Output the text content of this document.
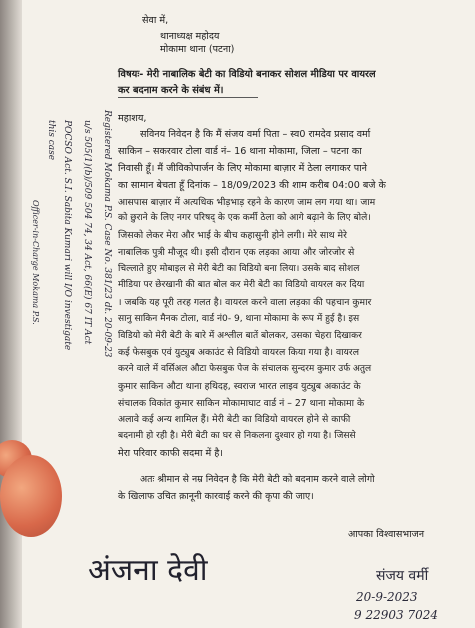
सेवा में,
थानाध्यक्ष महोदय
मोकामा थाना (पटना)
विषयः- मेरी नाबालिक बेटी का विडियो बनाकर सोशल मीडिया पर वायरल
कर बदनाम करने के संबंध में।
महाशय,
सविनय निवेदन है कि मैं संजय वर्मा पिता – स्व0 रामदेव प्रसाद वर्मा
साकिन – सकरवार टोला वार्ड नं– 16 थाना मोकामा, जिला – पटना का
निवासी हूँ। मैं जीविकोपार्जन के लिए मोकामा बाज़ार में ठेला लगाकर पाने
का सामान बेचता हूँ दिनांक – 18/09/2023 की शाम करीब 04:00 बजे के
आसपास बाज़ार में अत्यधिक भीड़भाड़ रहने के कारण जाम लग गया था। जाम
को छुराने के लिए नगर परिषद् के एक कर्मी ठेला को आगे बढ़ाने के लिए बोले।
जिसको लेकर मेरा और भाई के बीच कहासुनी होने लगी। मेरे साथ मेरे
नाबालिक पुत्री मौजूद थी। इसी दौरान एक लड़का आया और जोरजोर से
चिल्लाते हुए मोबाइल से मेरी बेटी का विडियो बना लिया। उसके बाद सोशल
मीडिया पर छेरखानी की बात बोल कर मेरी बेटी का विडियो वायरल कर दिया
। जबकि यह पूरी तरह गलत है। वायरल करने वाला लड़का की पहचान कुमार
सानु साकिन मैनक टोला, वार्ड नं0- 9, थाना मोकामा के रूप में हुई है। इस
विडियो को मेरी बेटी के बारे में अश्लील बातें बोलकर, उसका चेहरा दिखाकर
कई फेसबुक एवं युट्युब अकाउंट से विडियो वायरल किया गया है। वायरल
करने वाले में वर्सिअल औटा फेसबुक पेज के संचालक सुन्दरम कुमार उर्फ अतुल
कुमार साकिन औटा थाना हथिदह, स्वराज भारत लाइव युट्युब अकाउंट के
संचालक विकांत कुमार साकिन मोकामाघाट वार्ड नं – 27 थाना मोकामा के
अलावे कई अन्य शामिल हैं। मेरी बेटी का विडियो वायरल होने से काफी
बदनामी हो रही है। मेरी बेटी का घर से निकलना दुश्वार हो गया है। जिससे
मेरा परिवार काफी सदमा में है।
अतः श्रीमान से नम्र निवेदन है कि मेरी बेटी को बदनाम करने वाले लोगो
के खिलाफ उचित क़ानूनी कारवाई करने की कृपा की जाए।
आपका विश्वासभाजन
अंजना देवी	संजय वर्मी
20-9-2023
9 22903 7024
Registered Mokama P.S. Case No. 381/23 dt. 20-09-23
u/s 505(1)(b)/509 504 74, 34 Act, 66(E) 67 IT Act
POCSO Act. S.I. Sabita Kumari will I/O investigate
this case
Officer-in-Charge Mokama P.S.
